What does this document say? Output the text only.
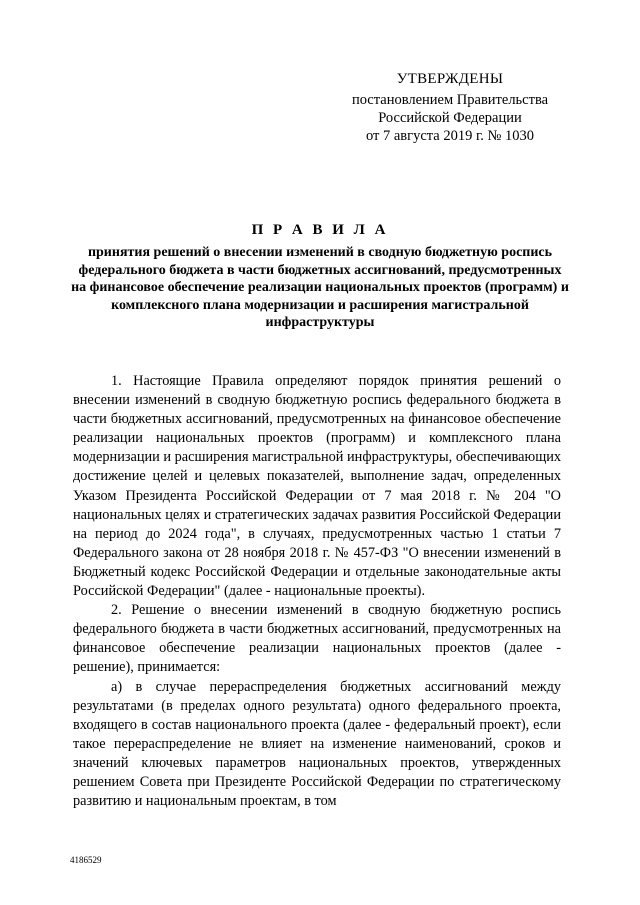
УТВЕРЖДЕНЫ
постановлением Правительства
Российской Федерации
от 7 августа 2019 г. № 1030
П Р А В И Л А
принятия решений о внесении изменений в сводную бюджетную роспись федерального бюджета в части бюджетных ассигнований, предусмотренных на финансовое обеспечение реализации национальных проектов (программ) и комплексного плана модернизации и расширения магистральной инфраструктуры

1. Настоящие Правила определяют порядок принятия решений о внесении изменений в сводную бюджетную роспись федерального бюджета в части бюджетных ассигнований, предусмотренных на финансовое обеспечение реализации национальных проектов (программ) и комплексного плана модернизации и расширения магистральной инфраструктуры, обеспечивающих достижение целей и целевых показателей, выполнение задач, определенных Указом Президента Российской Федерации от 7 мая 2018 г. № 204 "О национальных целях и стратегических задачах развития Российской Федерации на период до 2024 года", в случаях, предусмотренных частью 1 статьи 7 Федерального закона от 28 ноября 2018 г. № 457-ФЗ "О внесении изменений в Бюджетный кодекс Российской Федерации и отдельные законодательные акты Российской Федерации" (далее - национальные проекты).

2. Решение о внесении изменений в сводную бюджетную роспись федерального бюджета в части бюджетных ассигнований, предусмотренных на финансовое обеспечение реализации национальных проектов (далее - решение), принимается:

а) в случае перераспределения бюджетных ассигнований между результатами (в пределах одного результата) одного федерального проекта, входящего в состав национального проекта (далее - федеральный проект), если такое перераспределение не влияет на изменение наименований, сроков и значений ключевых параметров национальных проектов, утвержденных решением Совета при Президенте Российской Федерации по стратегическому развитию и национальным проектам, в том

4186529
